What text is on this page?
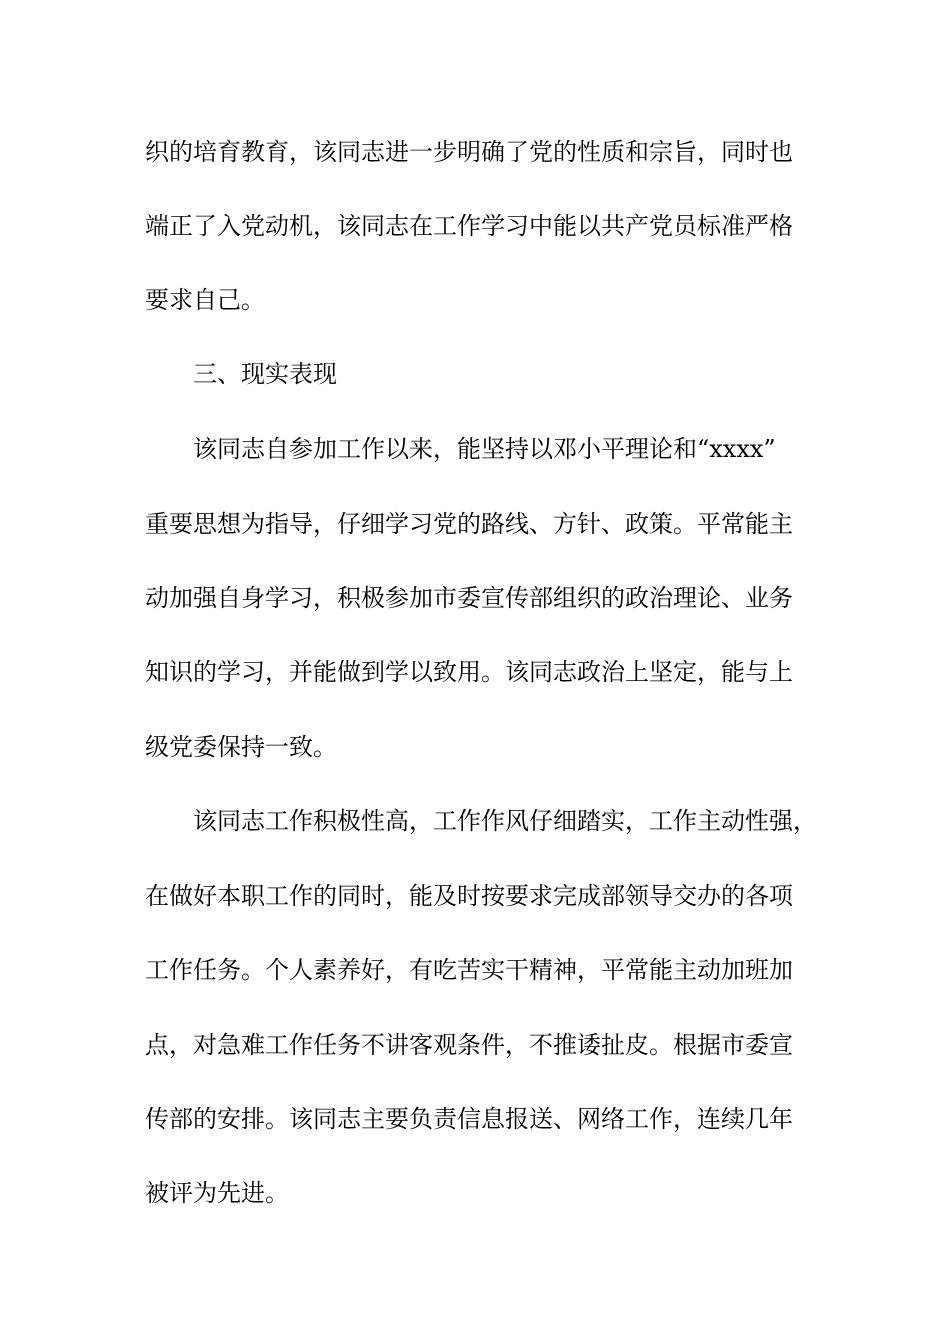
织的培育教育，该同志进一步明确了党的性质和宗旨，同时也
端正了入党动机，该同志在工作学习中能以共产党员标准严格
要求自己。
三、现实表现
该同志自参加工作以来，能坚持以邓小平理论和“xxxx”
重要思想为指导，仔细学习党的路线、方针、政策。平常能主
动加强自身学习，积极参加市委宣传部组织的政治理论、业务
知识的学习，并能做到学以致用。该同志政治上坚定，能与上
级党委保持一致。
该同志工作积极性高，工作作风仔细踏实，工作主动性强，
在做好本职工作的同时，能及时按要求完成部领导交办的各项
工作任务。个人素养好，有吃苦实干精神，平常能主动加班加
点，对急难工作任务不讲客观条件，不推诿扯皮。根据市委宣
传部的安排。该同志主要负责信息报送、网络工作，连续几年
被评为先进。
